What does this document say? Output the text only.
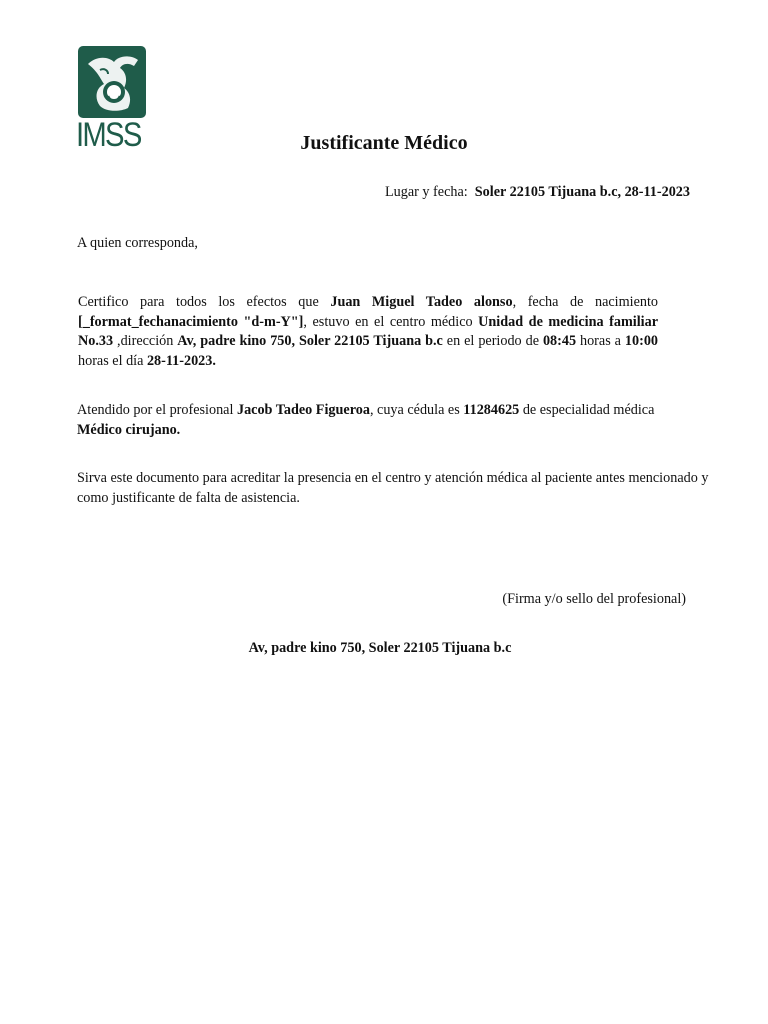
IMSS	Justificante Médico
Lugar y fecha: Soler 22105 Tijuana b.c, 28-11-2023
A quien corresponda,
Certifico para todos los efectos que Juan Miguel Tadeo alonso, fecha de nacimiento [_format_fechanacimiento "d-m-Y"], estuvo en el centro médico Unidad de medicina familiar No.33 ,dirección Av, padre kino 750, Soler 22105 Tijuana b.c en el periodo de 08:45 horas a 10:00 horas el día 28-11-2023.
Atendido por el profesional Jacob Tadeo Figueroa, cuya cédula es 11284625 de especialidad médica
Médico cirujano.
Sirva este documento para acreditar la presencia en el centro y atención médica al paciente antes mencionado y como justificante de falta de asistencia.
(Firma y/o sello del profesional)
Av, padre kino 750, Soler 22105 Tijuana b.c
